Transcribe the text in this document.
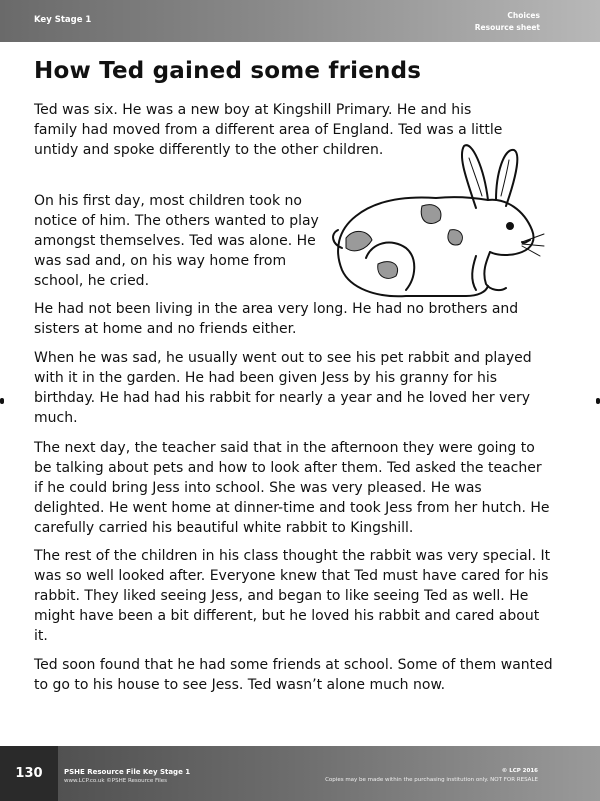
Key Stage 1	Choices
Resource sheet
How Ted gained some friends

Ted was six. He was a new boy at Kingshill Primary. He and his family had moved from a different area of England. Ted was a little untidy and spoke differently to the other children.

On his first day, most children took no notice of him. The others wanted to play amongst themselves. Ted was alone. He was sad and, on his way home from school, he cried.

He had not been living in the area very long. He had no brothers and sisters at home and no friends either.

When he was sad, he usually went out to see his pet rabbit and played with it in the garden. He had been given Jess by his granny for his birthday. He had had his rabbit for nearly a year and he loved her very much.

The next day, the teacher said that in the afternoon they were going to be talking about pets and how to look after them. Ted asked the teacher if he could bring Jess into school. She was very pleased. He was delighted. He went home at dinner-time and took Jess from her hutch. He carefully carried his beautiful white rabbit to Kingshill.

The rest of the children in his class thought the rabbit was very special. It was so well looked after. Everyone knew that Ted must have cared for his rabbit. They liked seeing Jess, and began to like seeing Ted as well. He might have been a bit different, but he loved his rabbit and cared about it.

Ted soon found that he had some friends at school. Some of them wanted to go to his house to see Jess. Ted wasn’t alone much now.

130	PSHE Resource File Key Stage 1
www.LCP.co.uk ©PSHE Resource Files
© LCP 2016
Copies may be made within the purchasing institution only. NOT FOR RESALE
